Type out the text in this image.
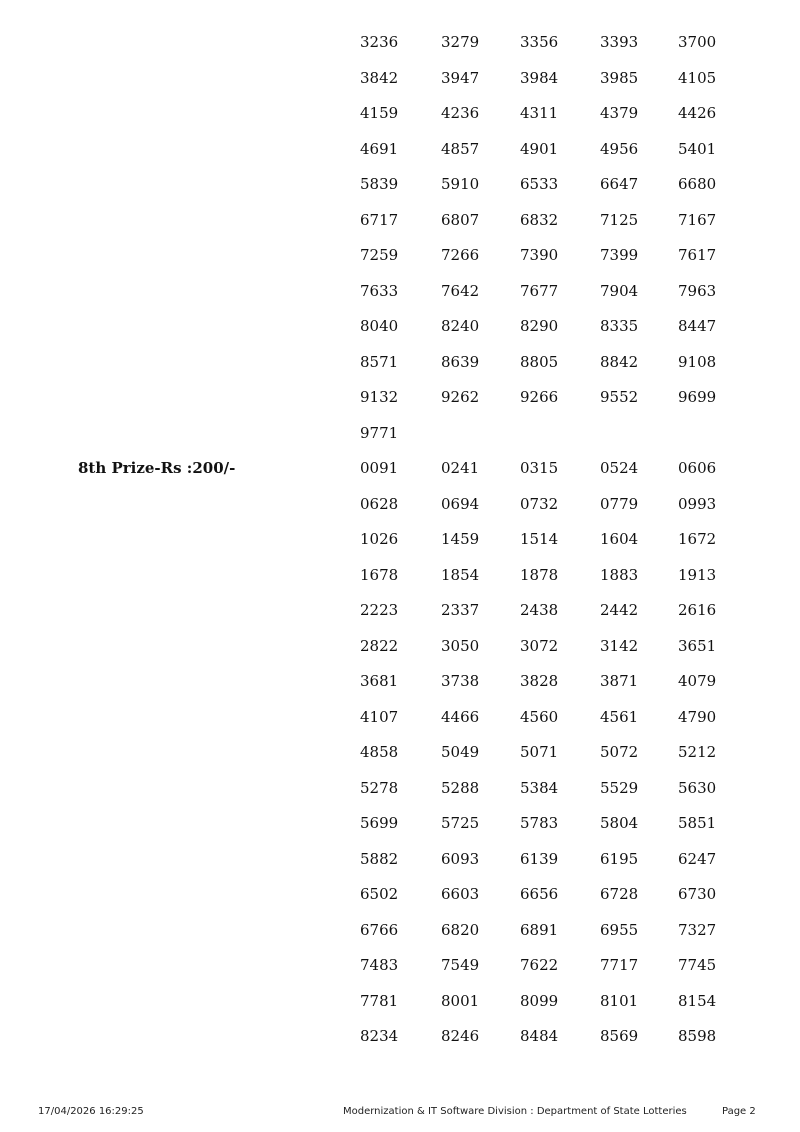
3236	3279	3356	3393	3700
3842	3947	3984	3985	4105
4159	4236	4311	4379	4426
4691	4857	4901	4956	5401
5839	5910	6533	6647	6680
6717	6807	6832	7125	7167
7259	7266	7390	7399	7617
7633	7642	7677	7904	7963
8040	8240	8290	8335	8447
8571	8639	8805	8842	9108
9132	9262	9266	9552	9699
9771
8th Prize-Rs :200/-	0091	0241	0315	0524	0606
0628	0694	0732	0779	0993
1026	1459	1514	1604	1672
1678	1854	1878	1883	1913
2223	2337	2438	2442	2616
2822	3050	3072	3142	3651
3681	3738	3828	3871	4079
4107	4466	4560	4561	4790
4858	5049	5071	5072	5212
5278	5288	5384	5529	5630
5699	5725	5783	5804	5851
5882	6093	6139	6195	6247
6502	6603	6656	6728	6730
6766	6820	6891	6955	7327
7483	7549	7622	7717	7745
7781	8001	8099	8101	8154
8234	8246	8484	8569	8598
17/04/2026 16:29:25	Modernization & IT Software Division : Department of State Lotteries	Page 2
